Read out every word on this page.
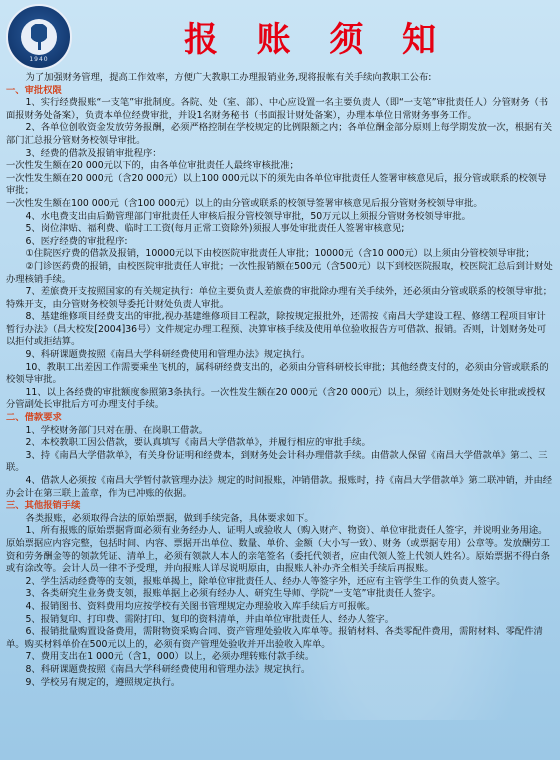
1940	报 账 须 知

为了加强财务管理，提高工作效率，方便广大教职工办理报销业务,现将报帐有关手续向教职工公布:

一、审批权限

1、实行经费报账“一支笔”审批制度。各院、处（室、部）、中心应设置一名主要负责人（即“一支笔”审批责任人）分管财务（书面报财务处备案），负责本单位经费审批，并设1名财务秘书（书面报计财处备案），办理本单位日常财务事务工作。

2、各单位创收资金发放劳务报酬，必须严格控制在学校规定的比例限额之内；各单位酬金部分原则上每学期发放一次，根据有关部门汇总报分管财务校领导审批。

3、经费的借款及报销审批程序：

一次性发生额在20 000元以下的，由各单位审批责任人最终审核批准；

一次性发生额在20 000元（含20 000元）以上100 000元以下的须先由各单位审批责任人签署审核意见后，报分管或联系的校领导审批；

一次性发生额在100 000元（含100 000元）以上的由分管或联系的校领导签署审核意见后报分管财务校领导审批。

4、水电费支出由后勤管理部门审批责任人审核后报分管校领导审批，50万元以上须报分管财务校领导审批。

5、岗位津贴、福利费、临时工工资(每月正常工资除外)须报人事处审批责任人签署审核意见;

6、医疗经费的审批程序:

①住院医疗费的借款及报销，10000元以下由校医院审批责任人审批；10000元（含10 000元）以上须由分管校领导审批；

②门诊医药费的报销，由校医院审批责任人审批；一次性报销额在500元（含500元）以下到校医院报取，校医院汇总后到计财处办理核销手续。

7、差旅费开支按照国家的有关规定执行：单位主要负责人差旅费的审批除办理有关手续外，还必须由分管或联系的校领导审批；特殊开支，由分管财务校领导委托计财处负责人审批。

8、基建维修项目经费支出的审批,视办基建维修项目工程款，除按规定报批外，还需按《南昌大学建设工程、修缮工程项目审计暂行办法》（昌大校发[2004]36号）文件规定办理工程预、决算审核手续及使用单位验收报告方可借款、报销。否则，计划财务处可以拒付或拒结算。

9、科研课题费按照《南昌大学科研经费使用和管理办法》规定执行。

10、教职工出差因工作需要乘坐飞机的，属科研经费支出的，必须由分管科研校长审批；其他经费支付的，必须由分管或联系的校领导审批。

11、以上各经费的审批额度参照第3条执行。一次性发生额在20 000元（含20 000元）以上，须经计划财务处处长审批或授权分管副处长审批后方可办理支付手续。

二、借款要求

1、学校财务部门只对在册、在岗职工借款。

2、本校教职工因公借款，要认真填写《南昌大学借款单》，并履行相应的审批手续。

3、持《南昌大学借款单》，有关身份证明和经费本，到财务处会计科办理借款手续。由借款人保留《南昌大学借款单》第二、三联。

4、借款人必须按《南昌大学暂付款管理办法》规定的时间报账，冲销借款。报账时，持《南昌大学借款单》第二联冲销，并由经办会计在第三联上盖章，作为已冲账的依据。

三、其他报销手续

各类报账，必须取得合法的原始票据，做到手续完备，具体要求如下。

1、所有报账的原始票据背面必须有业务经办人、证明人或验收人（购入财产、物资）、单位审批责任人签字，并说明业务用途。原始票据应内容完整，包括时间、内容、票据开出单位、数量、单价、金额（大小写一致）、财务（或票据专用）公章等。发放酬劳工资和劳务酬金等的领款凭证、清单上，必须有领款人本人的亲笔签名（委托代领者，应由代领人签上代领人姓名）。原始票据不得白条或有涂改等。会计人员一律不予受理，并向报账人详尽说明原由，由报账人补办齐全相关手续后再报账。

2、学生活动经费等的支领，报账单揭上，除单位审批责任人、经办人等签字外，还应有主管学生工作的负责人签字。

3、各类研究生业务费支领，报账单据上必须有经办人、研究生导师、学院“一支笔”审批责任人签字。

4、报销图书、资料费用均应按学校有关图书管理规定办理验收入库手续后方可报帐。

5、报销复印、打印费、需附打印、复印的资料清单，并由单位审批责任人、经办人签字。

6、报销批量购置设备费用，需附物资采购合同、资产管理处验收入库单等。报销材料、各类零配件费用，需附材料、零配件清单。购买材料单价在500元以上的，必须有资产管理处验收并开出验收入库单。

7、费用支出在1 000元（含1，000）以上，必须办理转账付款手续。

8、科研课题费按照《南昌大学科研经费使用和管理办法》规定执行。

9、学校另有规定的，遵照规定执行。
